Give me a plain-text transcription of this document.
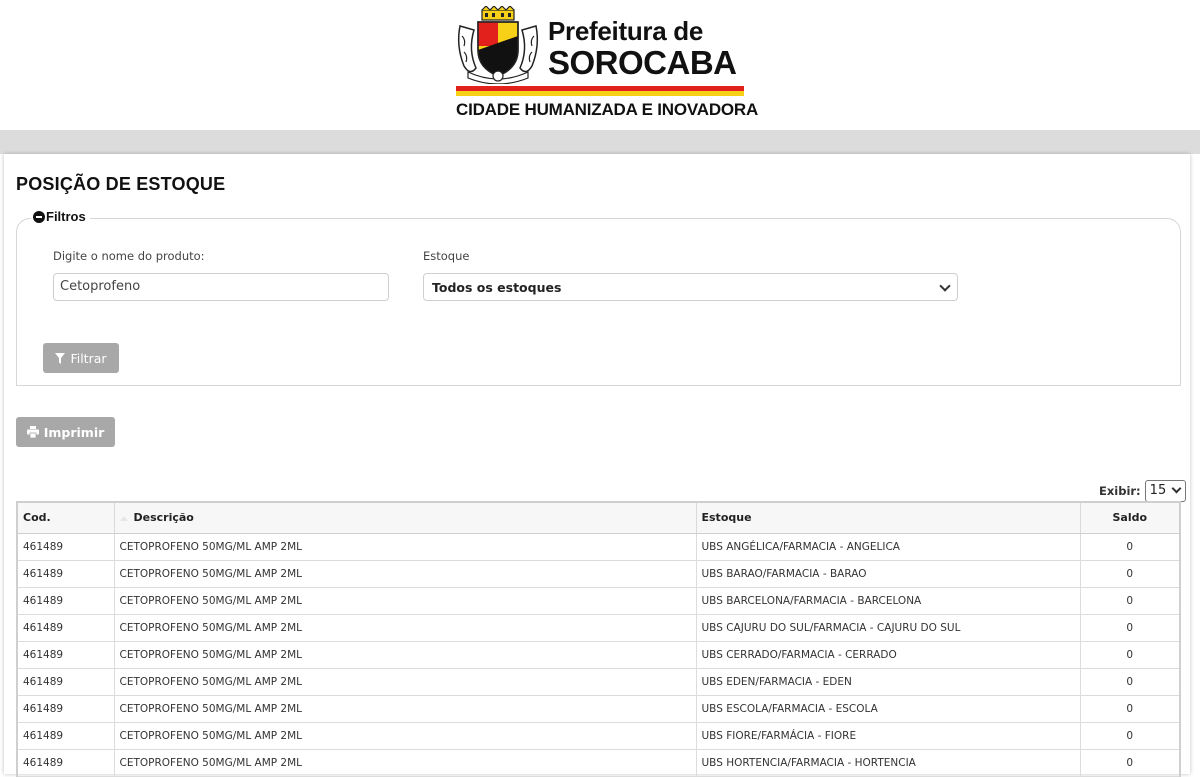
Prefeitura de
SOROCABA
CIDADE HUMANIZADA E INOVADORA
POSIÇÃO DE ESTOQUE
Filtros
Digite o nome do produto:
Cetoprofeno
Estoque
Todos os estoques
Filtrar
Imprimir
Exibir: 15
Cod.	Descrição	Estoque	Saldo
461489	CETOPROFENO 50MG/ML AMP 2ML	UBS ANGÉLICA/FARMACIA - ANGELICA	0
461489	CETOPROFENO 50MG/ML AMP 2ML	UBS BARAO/FARMACIA - BARAO	0
461489	CETOPROFENO 50MG/ML AMP 2ML	UBS BARCELONA/FARMACIA - BARCELONA	0
461489	CETOPROFENO 50MG/ML AMP 2ML	UBS CAJURU DO SUL/FARMACIA - CAJURU DO SUL	0
461489	CETOPROFENO 50MG/ML AMP 2ML	UBS CERRADO/FARMACIA - CERRADO	0
461489	CETOPROFENO 50MG/ML AMP 2ML	UBS EDEN/FARMACIA - EDEN	0
461489	CETOPROFENO 50MG/ML AMP 2ML	UBS ESCOLA/FARMACIA - ESCOLA	0
461489	CETOPROFENO 50MG/ML AMP 2ML	UBS FIORE/FARMÁCIA - FIORE	0
461489	CETOPROFENO 50MG/ML AMP 2ML	UBS HORTENCIA/FARMACIA - HORTENCIA	0
